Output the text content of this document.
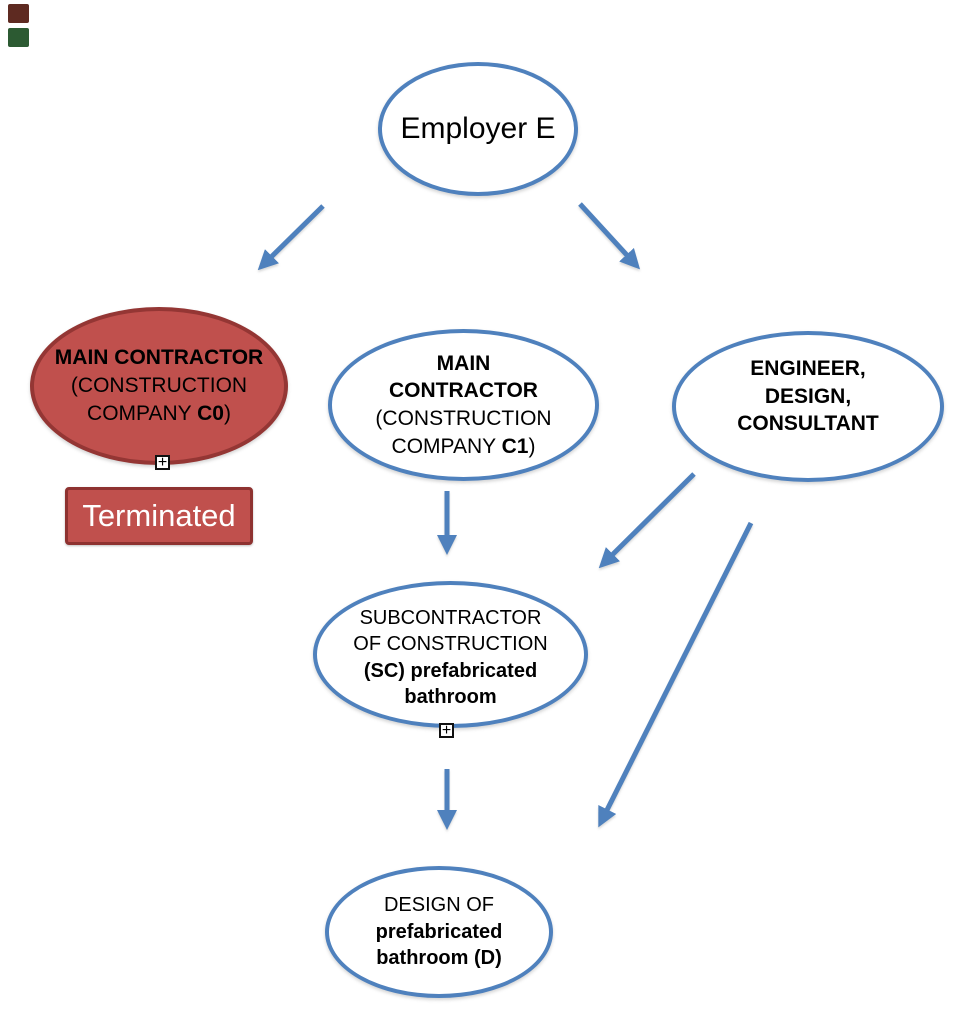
Employer E
MAIN CONTRACTOR
(CONSTRUCTION
COMPANY C0)
+
Terminated
MAIN
CONTRACTOR
(CONSTRUCTION
COMPANY C1)
ENGINEER,
DESIGN,
CONSULTANT
SUBCONTRACTOR
OF CONSTRUCTION
(SC) prefabricated
bathroom
+
DESIGN OF
prefabricated
bathroom (D)
